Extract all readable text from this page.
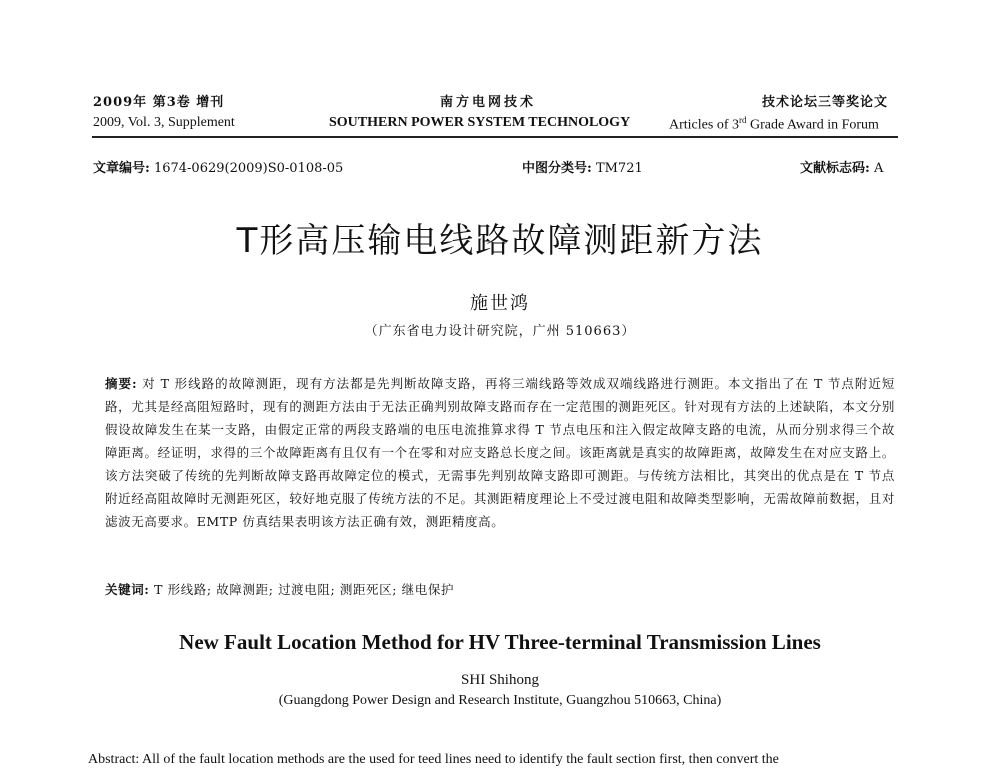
2009年 第3卷 增刊	南方电网技术	技术论坛三等奖论文
2009, Vol. 3, Supplement	SOUTHERN POWER SYSTEM TECHNOLOGY	Articles of 3rd Grade Award in Forum
文章编号: 1674-0629(2009)S0-0108-05	中图分类号: TM721	文献标志码: A
T形高压输电线路故障测距新方法
施世鸿
（广东省电力设计研究院，广州 510663）
摘要: 对 T 形线路的故障测距，现有方法都是先判断故障支路，再将三端线路等效成双端线路进行测距。本文指出了在 T 节点附近短路，尤其是经高阻短路时，现有的测距方法由于无法正确判别故障支路而存在一定范围的测距死区。针对现有方法的上述缺陷，本文分别假设故障发生在某一支路，由假定正常的两段支路端的电压电流推算求得 T 节点电压和注入假定故障支路的电流，从而分别求得三个故障距离。经证明，求得的三个故障距离有且仅有一个在零和对应支路总长度之间。该距离就是真实的故障距离，故障发生在对应支路上。该方法突破了传统的先判断故障支路再故障定位的模式，无需事先判别故障支路即可测距。与传统方法相比，其突出的优点是在 T 节点附近经高阻故障时无测距死区，较好地克服了传统方法的不足。其测距精度理论上不受过渡电阻和故障类型影响，无需故障前数据，且对滤波无高要求。EMTP 仿真结果表明该方法正确有效，测距精度高。
关键词: T 形线路; 故障测距; 过渡电阻; 测距死区; 继电保护
New Fault Location Method for HV Three-terminal Transmission Lines
SHI Shihong
(Guangdong Power Design and Research Institute, Guangzhou 510663, China)
Abstract: All of the fault location methods are the used for teed lines need to identify the fault section first, then convert the
